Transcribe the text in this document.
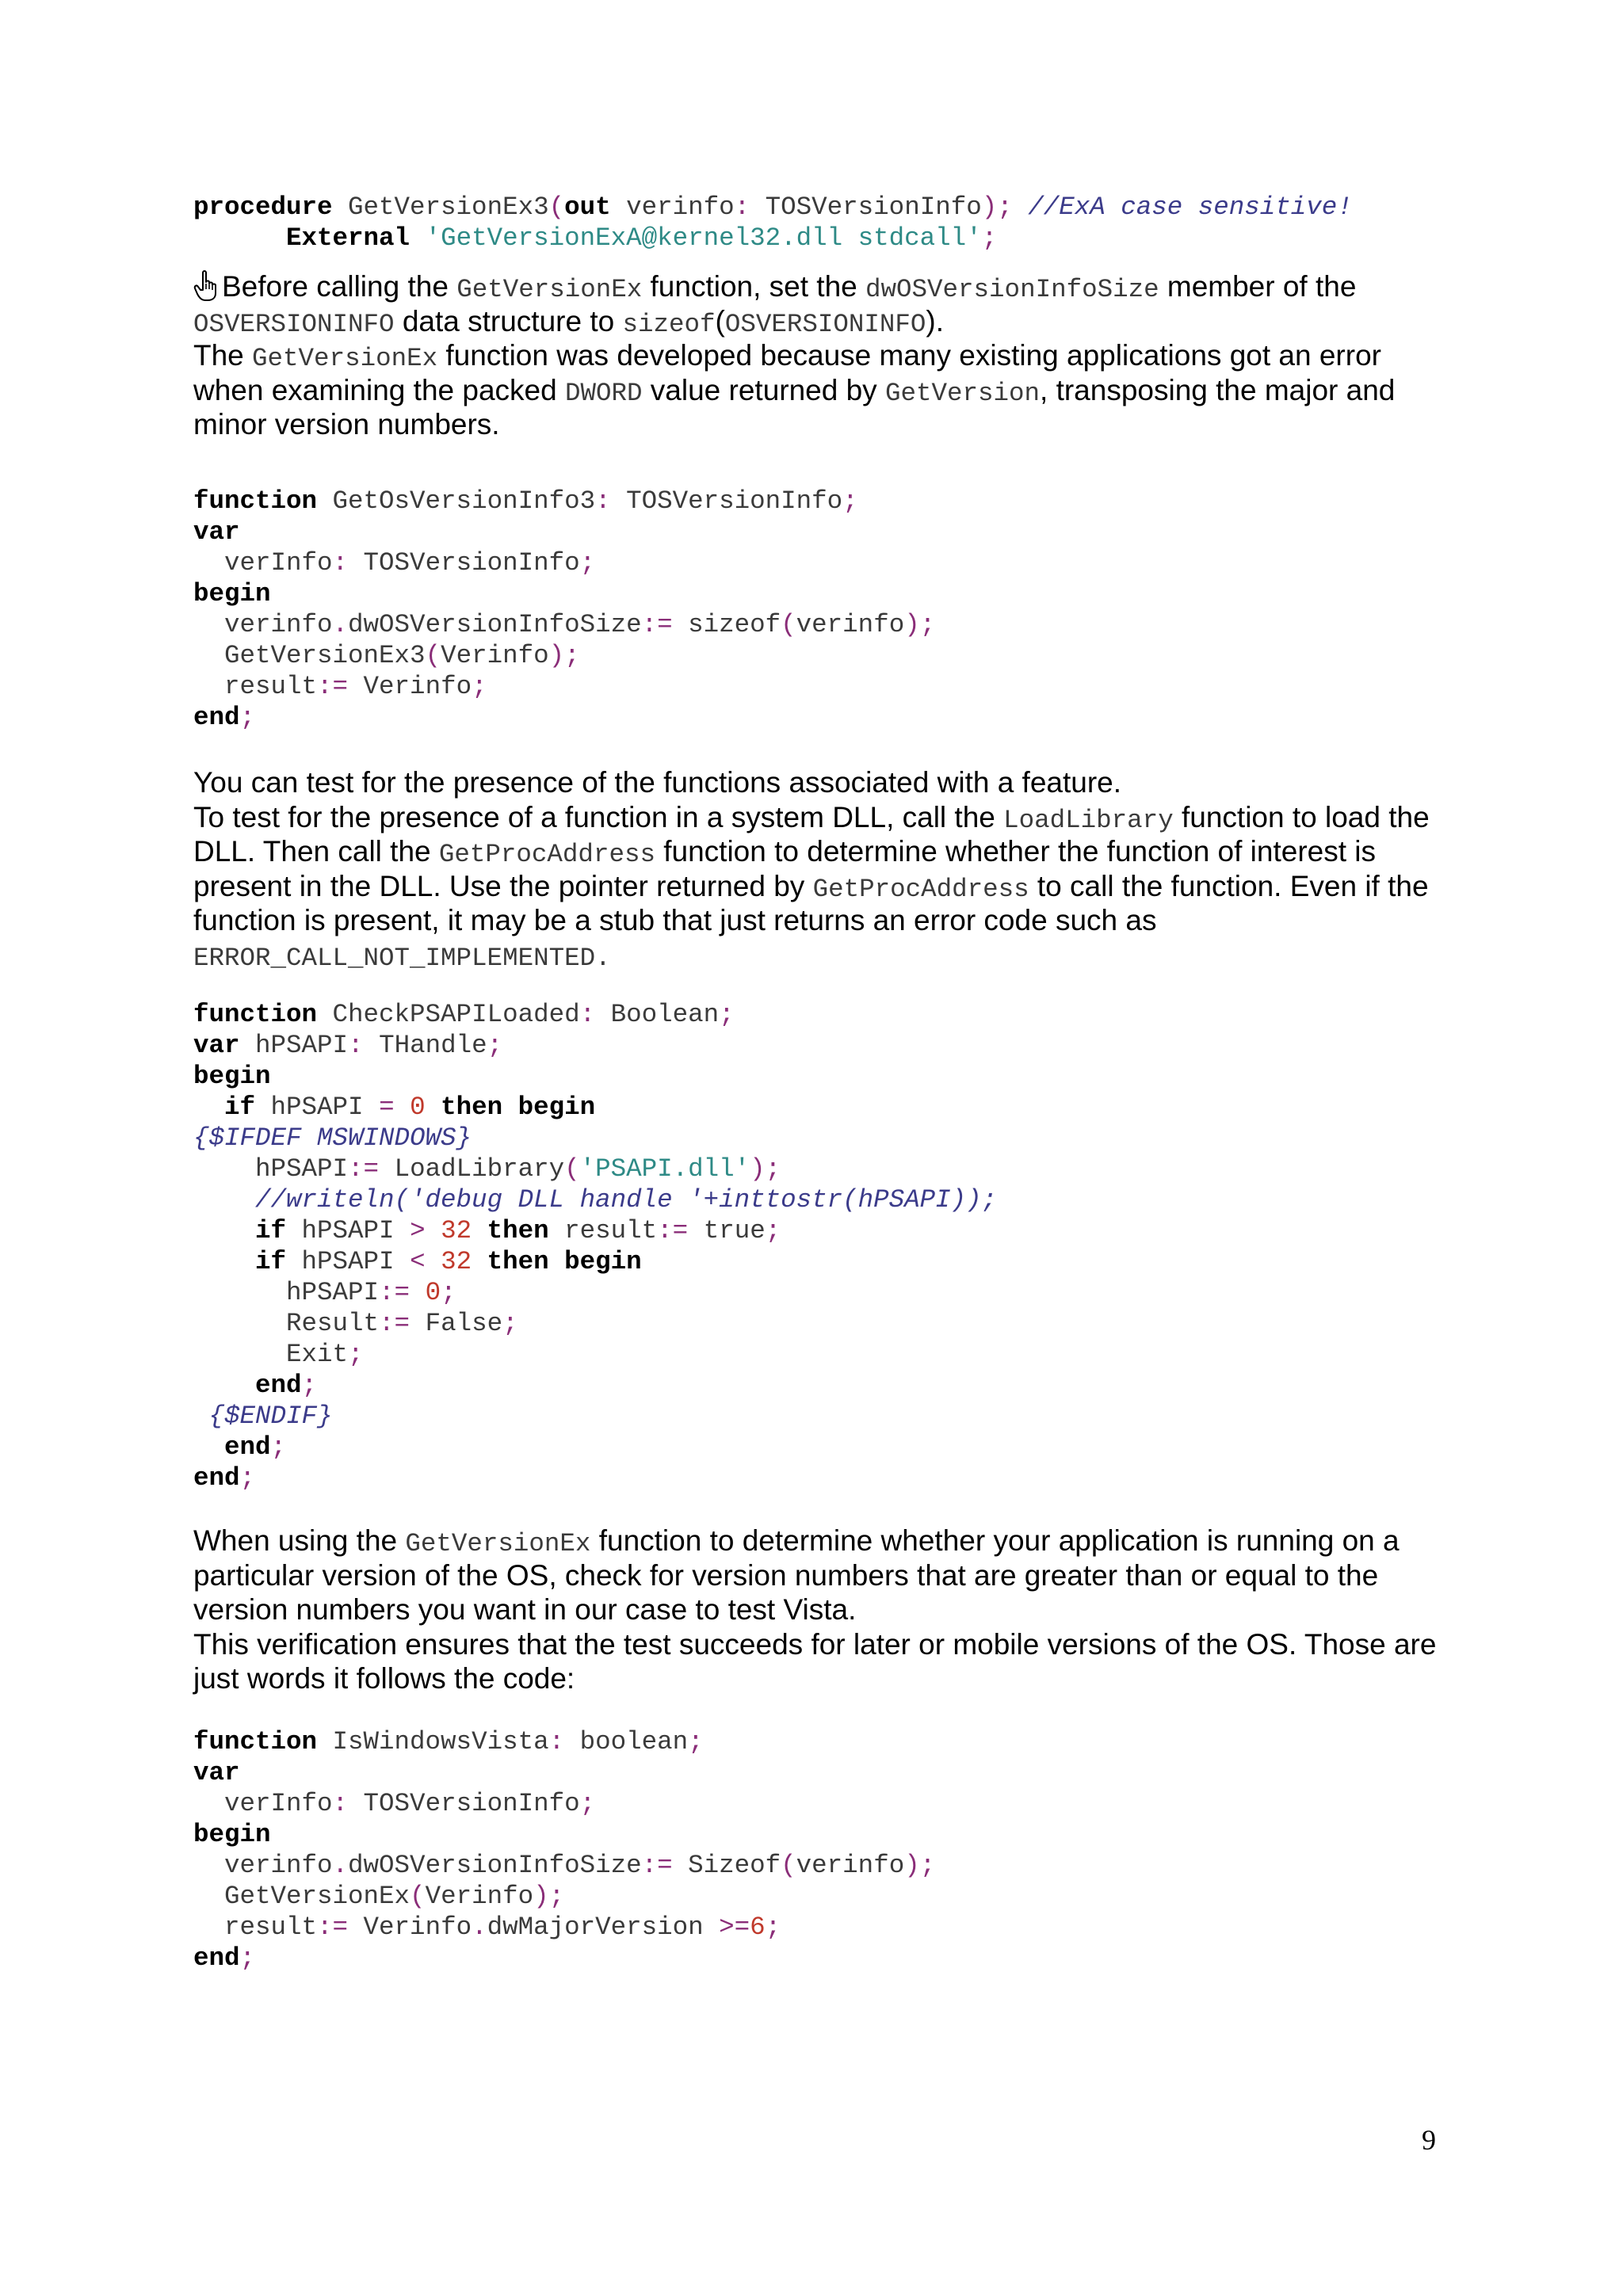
procedure GetVersionEx3(out verinfo: TOSVersionInfo); //ExA case sensitive!
External 'GetVersionExA@kernel32.dll stdcall';
Before calling the GetVersionEx function, set the dwOSVersionInfoSize member of the
OSVERSIONINFO data structure to sizeof(OSVERSIONINFO).
The GetVersionEx function was developed because many existing applications got an error
when examining the packed DWORD value returned by GetVersion, transposing the major and
minor version numbers.
function GetOsVersionInfo3: TOSVersionInfo;
var
verInfo: TOSVersionInfo;
begin
verinfo.dwOSVersionInfoSize:= sizeof(verinfo);
GetVersionEx3(Verinfo);
result:= Verinfo;
end;
You can test for the presence of the functions associated with a feature.
To test for the presence of a function in a system DLL, call the LoadLibrary function to load the
DLL. Then call the GetProcAddress function to determine whether the function of interest is
present in the DLL. Use the pointer returned by GetProcAddress to call the function. Even if the
function is present, it may be a stub that just returns an error code such as
ERROR_CALL_NOT_IMPLEMENTED.
function CheckPSAPILoaded: Boolean;
var hPSAPI: THandle;
begin
if hPSAPI = 0 then begin
{$IFDEF MSWINDOWS}
hPSAPI:= LoadLibrary('PSAPI.dll');
//writeln('debug DLL handle '+inttostr(hPSAPI));
if hPSAPI > 32 then result:= true;
if hPSAPI < 32 then begin
hPSAPI:= 0;
Result:= False;
Exit;
end;
{$ENDIF}
end;
end;
When using the GetVersionEx function to determine whether your application is running on a
particular version of the OS, check for version numbers that are greater than or equal to the
version numbers you want in our case to test Vista.
This verification ensures that the test succeeds for later or mobile versions of the OS. Those are
just words it follows the code:
function IsWindowsVista: boolean;
var
verInfo: TOSVersionInfo;
begin
verinfo.dwOSVersionInfoSize:= Sizeof(verinfo);
GetVersionEx(Verinfo);
result:= Verinfo.dwMajorVersion >=6;
end;
9
